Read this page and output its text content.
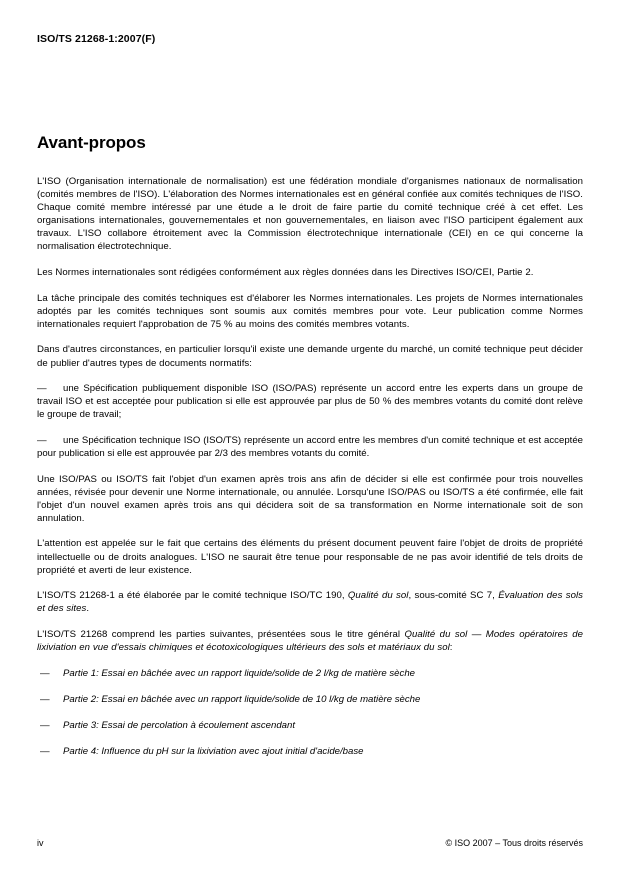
ISO/TS 21268-1:2007(F)
Avant-propos

L'ISO (Organisation internationale de normalisation) est une fédération mondiale d'organismes nationaux de normalisation (comités membres de l'ISO). L'élaboration des Normes internationales est en général confiée aux comités techniques de l'ISO. Chaque comité membre intéressé par une étude a le droit de faire partie du comité technique créé à cet effet. Les organisations internationales, gouvernementales et non gouvernementales, en liaison avec l'ISO participent également aux travaux. L'ISO collabore étroitement avec la Commission électrotechnique internationale (CEI) en ce qui concerne la normalisation électrotechnique.

Les Normes internationales sont rédigées conformément aux règles données dans les Directives ISO/CEI, Partie 2.

La tâche principale des comités techniques est d'élaborer les Normes internationales. Les projets de Normes internationales adoptés par les comités techniques sont soumis aux comités membres pour vote. Leur publication comme Normes internationales requiert l'approbation de 75 % au moins des comités membres votants.

Dans d'autres circonstances, en particulier lorsqu'il existe une demande urgente du marché, un comité technique peut décider de publier d'autres types de documents normatifs:

— une Spécification publiquement disponible ISO (ISO/PAS) représente un accord entre les experts dans un groupe de travail ISO et est acceptée pour publication si elle est approuvée par plus de 50 % des membres votants du comité dont relève le groupe de travail;

— une Spécification technique ISO (ISO/TS) représente un accord entre les membres d'un comité technique et est acceptée pour publication si elle est approuvée par 2/3 des membres votants du comité.

Une ISO/PAS ou ISO/TS fait l'objet d'un examen après trois ans afin de décider si elle est confirmée pour trois nouvelles années, révisée pour devenir une Norme internationale, ou annulée. Lorsqu'une ISO/PAS ou ISO/TS a été confirmée, elle fait l'objet d'un nouvel examen après trois ans qui décidera soit de sa transformation en Norme internationale soit de son annulation.

L'attention est appelée sur le fait que certains des éléments du présent document peuvent faire l'objet de droits de propriété intellectuelle ou de droits analogues. L'ISO ne saurait être tenue pour responsable de ne pas avoir identifié de tels droits de propriété et averti de leur existence.

L'ISO/TS 21268-1 a été élaborée par le comité technique ISO/TC 190, Qualité du sol, sous-comité SC 7, Évaluation des sols et des sites.

L'ISO/TS 21268 comprend les parties suivantes, présentées sous le titre général Qualité du sol — Modes opératoires de lixiviation en vue d'essais chimiques et écotoxicologiques ultérieurs des sols et matériaux du sol:

— Partie 1: Essai en bâchée avec un rapport liquide/solide de 2 l/kg de matière sèche
— Partie 2: Essai en bâchée avec un rapport liquide/solide de 10 l/kg de matière sèche
— Partie 3: Essai de percolation à écoulement ascendant
— Partie 4: Influence du pH sur la lixiviation avec ajout initial d'acide/base
iv	© ISO 2007 – Tous droits réservés
